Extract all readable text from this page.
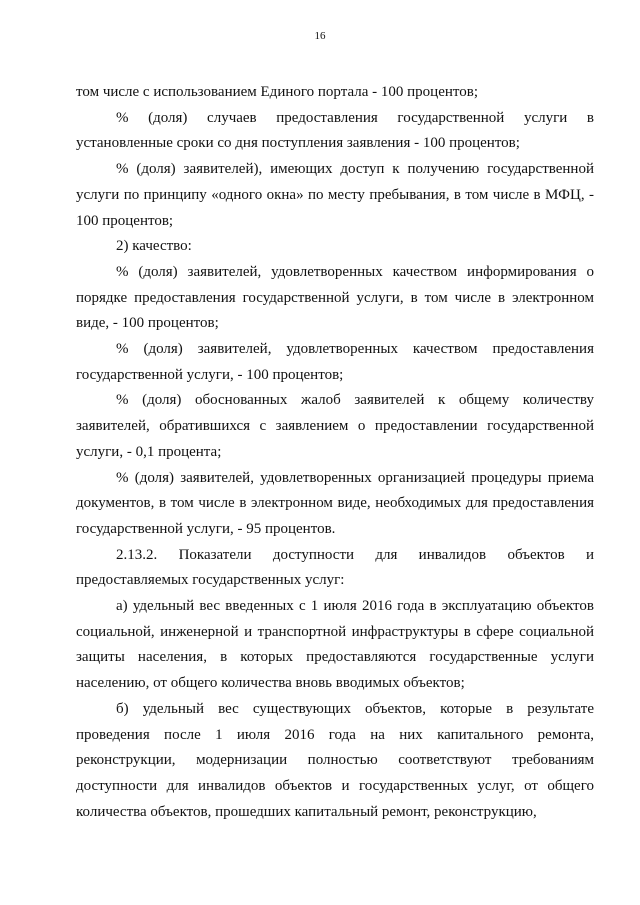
16

том числе с использованием Единого портала - 100 процентов;

% (доля) случаев предоставления государственной услуги в установленные сроки со дня поступления заявления - 100 процентов;

% (доля) заявителей), имеющих доступ к получению государственной услуги по принципу «одного окна» по месту пребывания, в том числе в МФЦ, - 100 процентов;

2) качество:

% (доля) заявителей, удовлетворенных качеством информирования о порядке предоставления государственной услуги, в том числе в электронном виде, - 100 процентов;

% (доля) заявителей, удовлетворенных качеством предоставления государственной услуги, - 100 процентов;

% (доля) обоснованных жалоб заявителей к общему количеству заявителей, обратившихся с заявлением о предоставлении государственной услуги, - 0,1 процента;

% (доля) заявителей, удовлетворенных организацией процедуры приема документов, в том числе в электронном виде, необходимых для предоставления государственной услуги, - 95 процентов.

2.13.2. Показатели доступности для инвалидов объектов и предоставляемых государственных услуг:

а) удельный вес введенных с 1 июля 2016 года в эксплуатацию объектов социальной, инженерной и транспортной инфраструктуры в сфере социальной защиты населения, в которых предоставляются государственные услуги населению, от общего количества вновь вводимых объектов;

б) удельный вес существующих объектов, которые в результате проведения после 1 июля 2016 года на них капитального ремонта, реконструкции, модернизации полностью соответствуют требованиям доступности для инвалидов объектов и государственных услуг, от общего количества объектов, прошедших капитальный ремонт, реконструкцию,
